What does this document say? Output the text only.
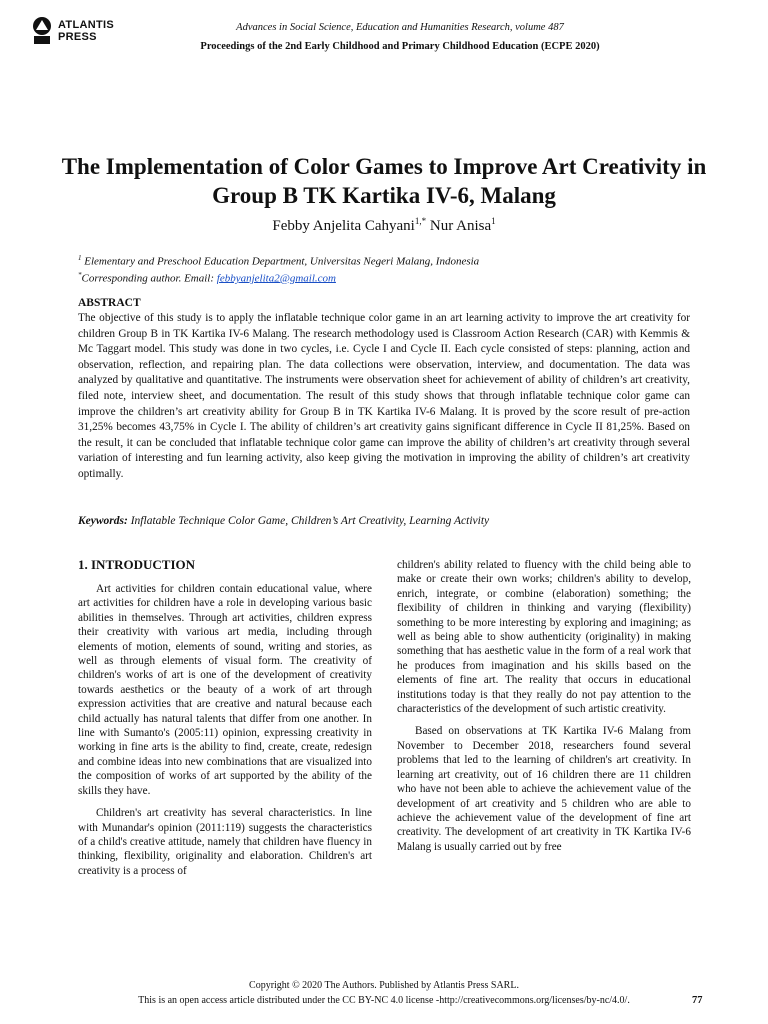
ATLANTIS
PRESS
Advances in Social Science, Education and Humanities Research, volume 487
Proceedings of the 2nd Early Childhood and Primary Childhood Education (ECPE 2020)
The Implementation of Color Games to Improve Art Creativity in Group B TK Kartika IV-6, Malang
Febby Anjelita Cahyani$^{1,*}$ Nur Anisa$^1$
$^1$ Elementary and Preschool Education Department, Universitas Negeri Malang, Indonesia
*Corresponding author. Email: febbyanjelita2@gmail.com
ABSTRACT

The objective of this study is to apply the inflatable technique color game in an art learning activity to improve the art creativity for children Group B in TK Kartika IV-6 Malang. The research methodology used is Classroom Action Research (CAR) with Kemmis & Mc Taggart model. This study was done in two cycles, i.e. Cycle I and Cycle II. Each cycle consisted of steps: planning, action and observation, reflection, and repairing plan. The data collections were observation, interview, and documentation. The data was analyzed by qualitative and quantitative. The instruments were observation sheet for achievement of ability of children’s art creativity, filed note, interview sheet, and documentation. The result of this study shows that through inflatable technique color game can improve the children’s art creativity ability for Group B in TK Kartika IV-6 Malang. It is proved by the score result of pre-action 31,25% becomes 43,75% in Cycle I. The ability of children’s art creativity gains significant difference in Cycle II 81,25%. Based on the result, it can be concluded that inflatable technique color game can improve the ability of children’s art creativity through several variation of interesting and fun learning activity, also keep giving the motivation in improving the ability of children’s art creativity optimally.

Keywords: Inflatable Technique Color Game, Children’s Art Creativity, Learning Activity
1. INTRODUCTION

Art activities for children contain educational value, where art activities for children have a role in developing various basic abilities in themselves. Through art activities, children express their creativity with various art media, including through elements of motion, elements of sound, writing and stories, as well as through elements of visual form. The creativity of children's works of art is one of the development of creativity towards aesthetics or the beauty of a work of art through expression activities that are creative and natural because each child actually has natural talents that differ from one another. In line with Sumanto's (2005:11) opinion, expressing creativity in working in fine arts is the ability to find, create, create, redesign and combine ideas into new combinations that are visualized into the composition of works of art supported by the ability of the skills they have.

Children's art creativity has several characteristics. In line with Munandar's opinion (2011:119) suggests the characteristics of a child's creative attitude, namely that children have fluency in thinking, flexibility, originality and elaboration. Children's art creativity is a process of

children's ability related to fluency with the child being able to make or create their own works; children's ability to develop, enrich, integrate, or combine (elaboration) something; the flexibility of children in thinking and varying (flexibility) something to be more interesting by exploring and imagining; as well as being able to show authenticity (originality) in making something that has aesthetic value in the form of a real work that he produces from imagination and his skills based on the elements of fine art. The reality that occurs in educational institutions today is that they really do not pay attention to the characteristics of the development of such artistic creativity.

Based on observations at TK Kartika IV-6 Malang from November to December 2018, researchers found several problems that led to the learning of children's art creativity. In learning art creativity, out of 16 children there are 11 children who have not been able to achieve the achievement value of the development of art creativity and 5 children who are able to achieve the achievement value of the development of fine art creativity. The development of art creativity in TK Kartika IV-6 Malang is usually carried out by free

Copyright © 2020 The Authors. Published by Atlantis Press SARL.
This is an open access article distributed under the CC BY-NC 4.0 license -http://creativecommons.org/licenses/by-nc/4.0/.	77
